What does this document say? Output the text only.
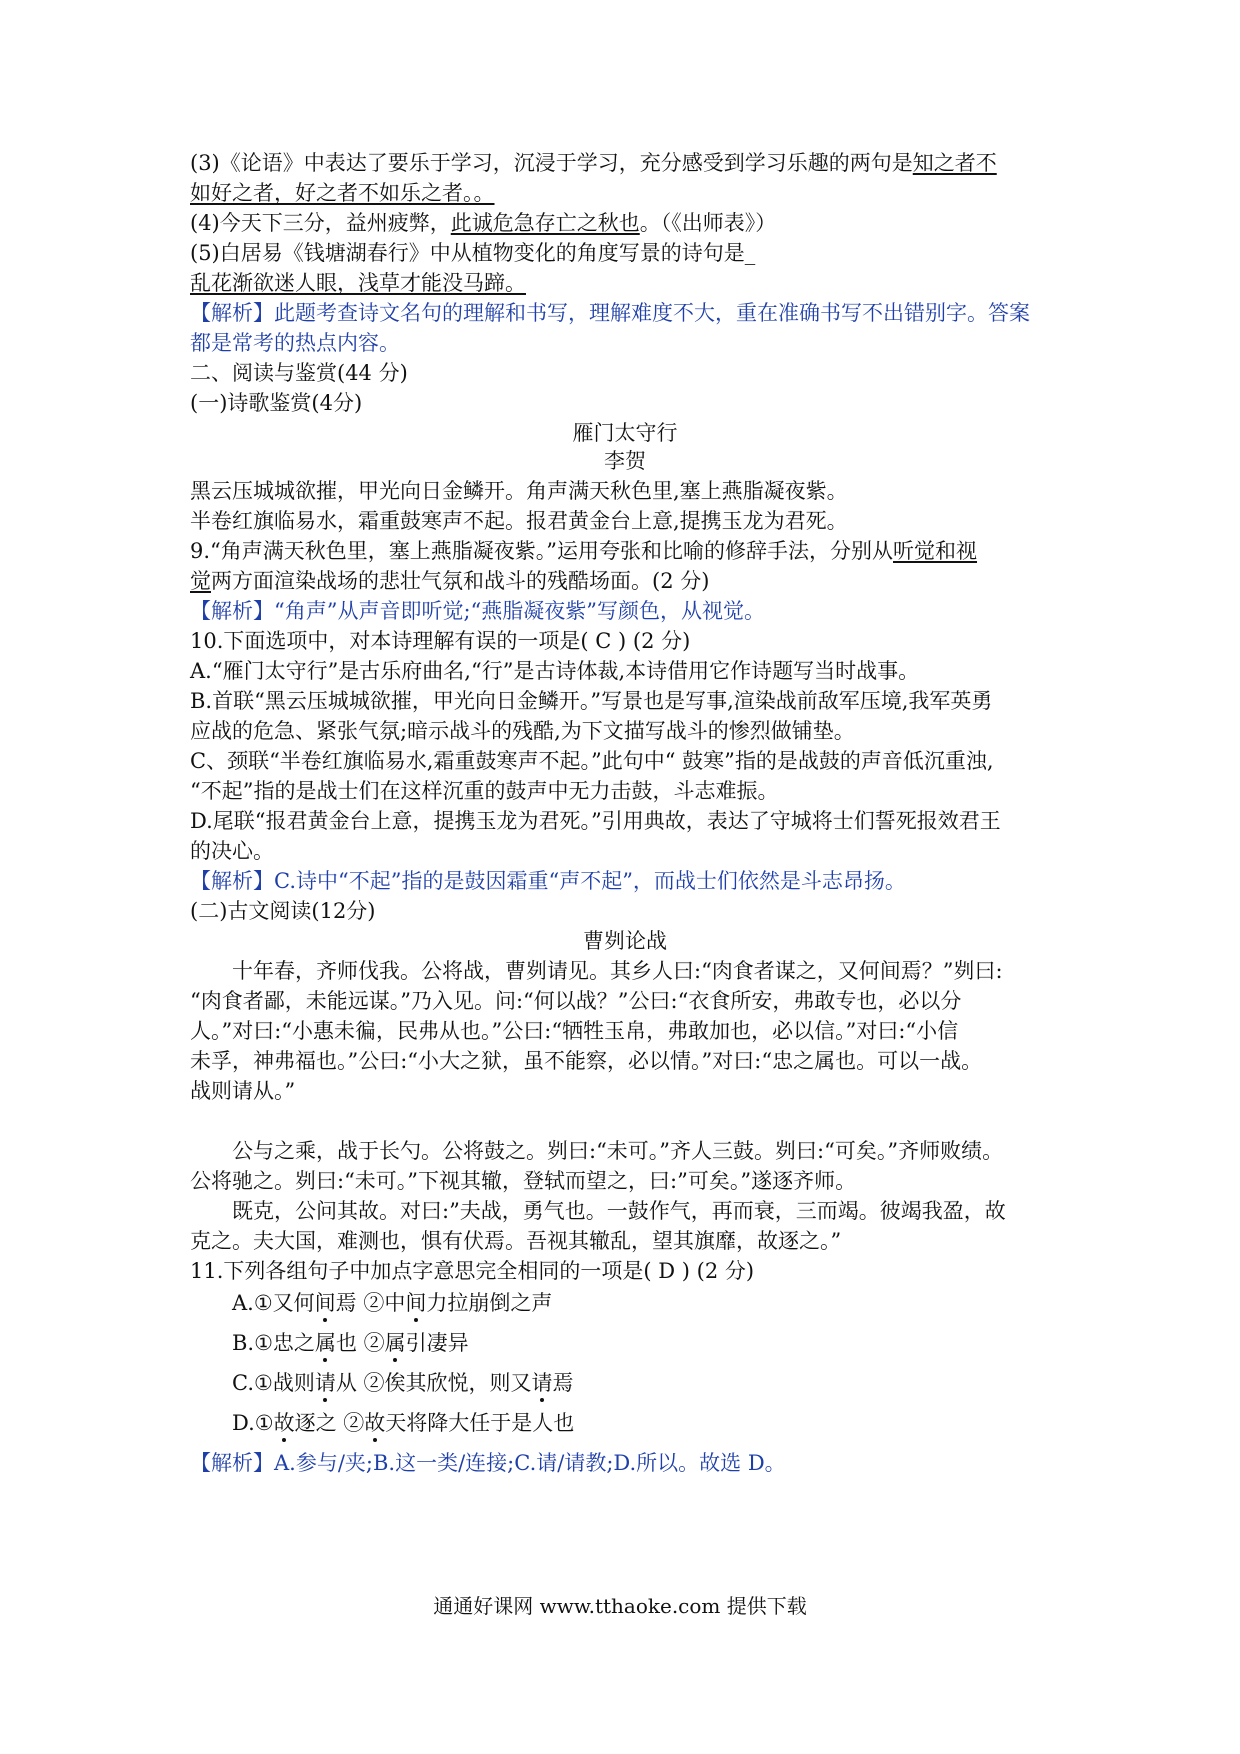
(3)《论语》中表达了要乐于学习，沉浸于学习，充分感受到学习乐趣的两句是知之者不
如好之者，好之者不如乐之者。。
(4)今天下三分，益州疲弊，此诚危急存亡之秋也。（《出师表》）
(5)白居易《钱塘湖春行》中从植物变化的角度写景的诗句是_
乱花渐欲迷人眼，浅草才能没马蹄。
【解析】此题考查诗文名句的理解和书写，理解难度不大，重在准确书写不出错别字。答案
都是常考的热点内容。
二、阅读与鉴赏(44 分)
(一)诗歌鉴赏(4分)
雁门太守行
李贺
黑云压城城欲摧，甲光向日金鳞开。角声满天秋色里,塞上燕脂凝夜紫。
半卷红旗临易水，霜重鼓寒声不起。报君黄金台上意,提携玉龙为君死。
9.“角声满天秋色里，塞上燕脂凝夜紫。”运用夸张和比喻的修辞手法，分别从听觉和视
觉两方面渲染战场的悲壮气氛和战斗的残酷场面。(2 分)
【解析】“角声”从声音即听觉;“燕脂凝夜紫”写颜色，从视觉。
10.下面选项中，对本诗理解有误的一项是( C ) (2 分)
A.“雁门太守行”是古乐府曲名,“行”是古诗体裁,本诗借用它作诗题写当时战事。
B.首联“黑云压城城欲摧，甲光向日金鳞开。”写景也是写事,渲染战前敌军压境,我军英勇
应战的危急、紧张气氛;暗示战斗的残酷,为下文描写战斗的惨烈做铺垫。
C、颈联“半卷红旗临易水,霜重鼓寒声不起。”此句中“ 鼓寒”指的是战鼓的声音低沉重浊,
“不起”指的是战士们在这样沉重的鼓声中无力击鼓，斗志难振。
D.尾联“报君黄金台上意，提携玉龙为君死。”引用典故，表达了守城将士们誓死报效君王
的决心。
【解析】C.诗中“不起”指的是鼓因霜重“声不起”，而战士们依然是斗志昂扬。
(二)古文阅读(12分)
曹刿论战
十年春，齐师伐我。公将战，曹刿请见。其乡人曰:“肉食者谋之，又何间焉？”刿曰:
“肉食者鄙，未能远谋。”乃入见。问:“何以战？”公曰:“衣食所安，弗敢专也，必以分
人。”对曰:“小惠未徧，民弗从也。”公曰:“牺牲玉帛，弗敢加也，必以信。”对曰:“小信
未孚，神弗福也。”公曰:“小大之狱，虽不能察，必以情。”对曰:“忠之属也。可以一战。
战则请从。”
公与之乘，战于长勺。公将鼓之。刿曰:“未可。”齐人三鼓。刿曰:“可矣。”齐师败绩。
公将驰之。刿曰:“未可。”下视其辙，登轼而望之，曰:”可矣。”遂逐齐师。
既克，公问其故。对曰:”夫战，勇气也。一鼓作气，再而衰，三而竭。彼竭我盈，故
克之。夫大国，难测也，惧有伏焉。吾视其辙乱，望其旗靡，故逐之。”
11.下列各组句子中加点字意思完全相同的一项是( D ) (2 分)
A.①又何间焉 ②中间力拉崩倒之声
B.①忠之属也 ②属引凄异
C.①战则请从 ②俟其欣悦，则又请焉
D.①故逐之 ②故天将降大任于是人也
【解析】A.参与/夹;B.这一类/连接;C.请/请教;D.所以。故选 D。
通通好课网 www.tthaoke.com 提供下载
